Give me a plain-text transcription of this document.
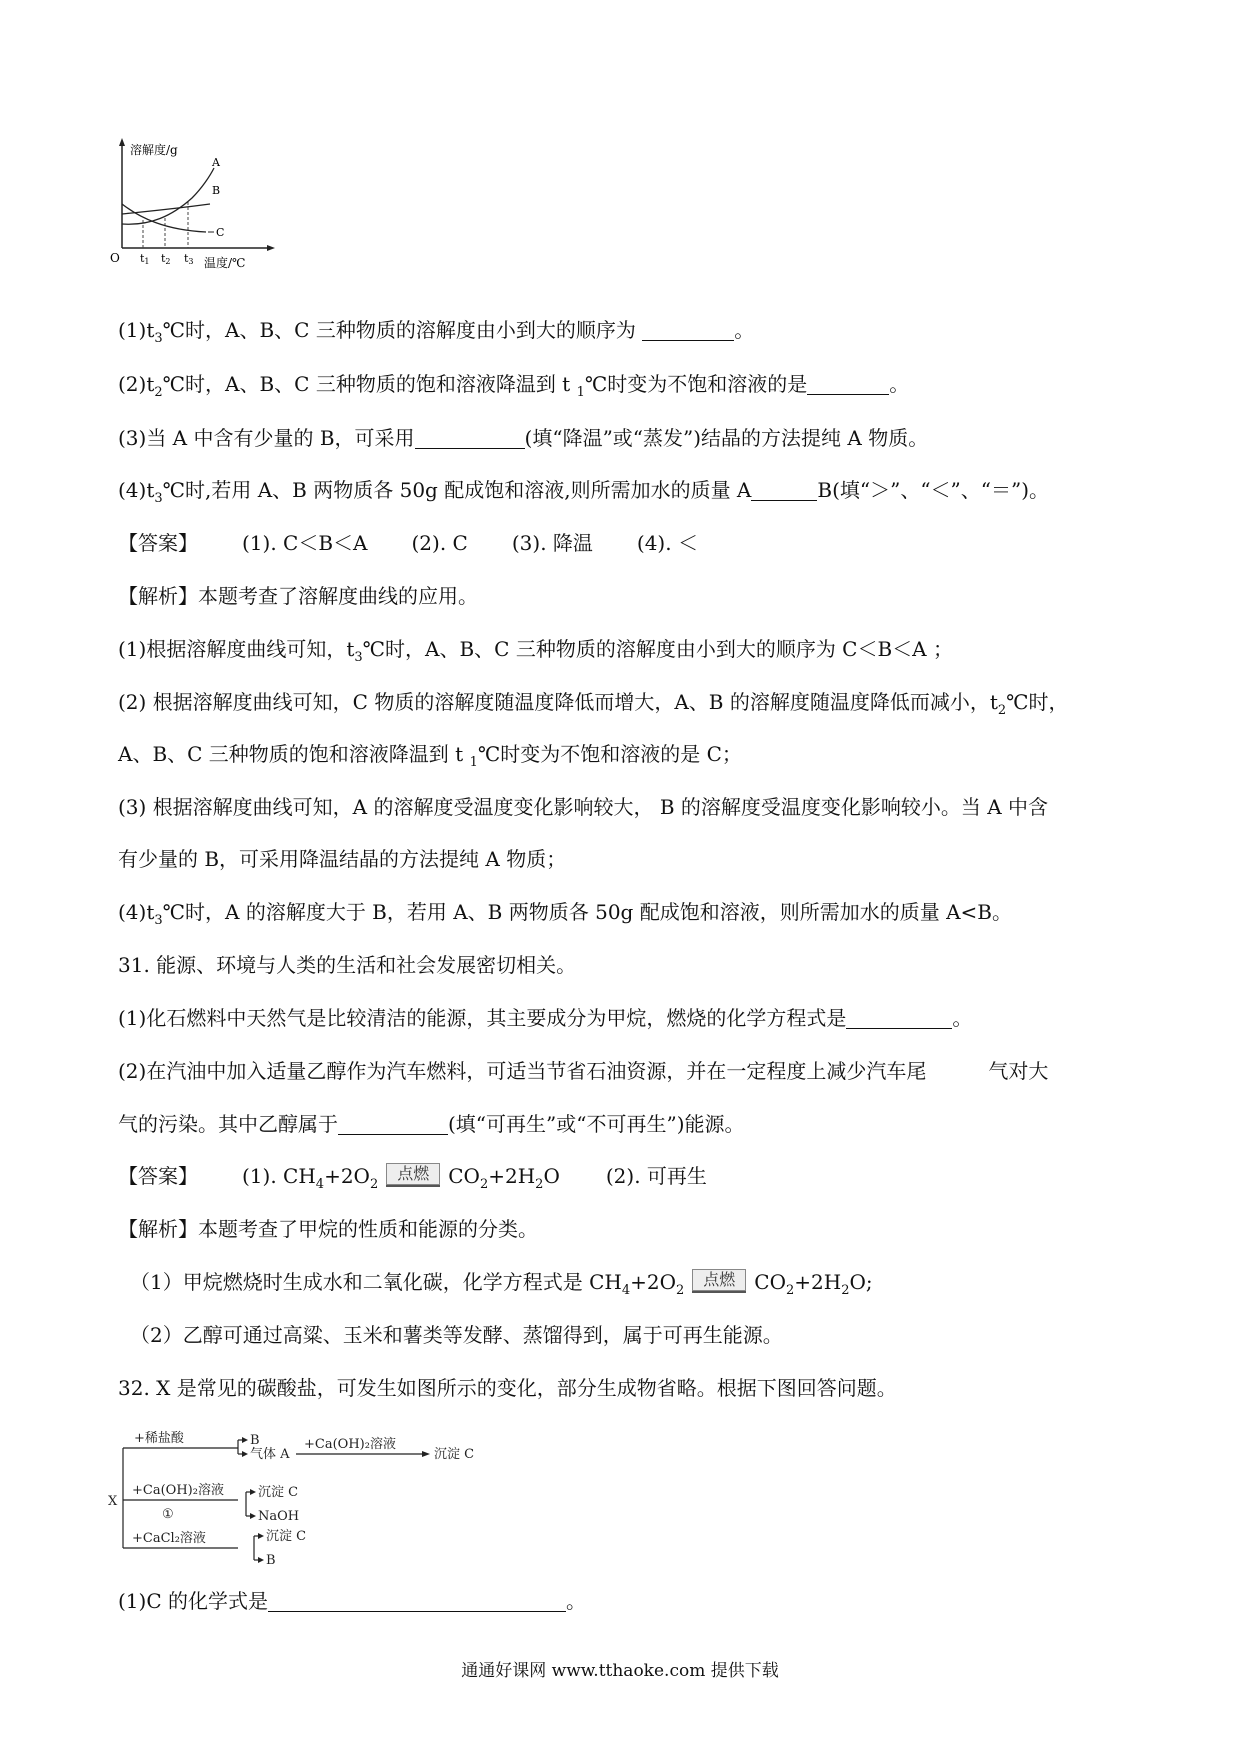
溶解度/g
O	温度/℃
A
B
C
t1 t2 t3
$(1)t_3℃$时，A、B、C 三种物质的溶解度由小到大的顺序为	。
$(2)t_2℃$时，A、B、C 三种物质的饱和溶液降温到 t $_1$℃时变为不饱和溶液的是	。
(3)当 A 中含有少量的 B，可采用	(填“降温”或“蒸发”)结晶的方法提纯 A 物质。
$(4)t_3℃$时,若用 A、B 两物质各 50g 配成饱和溶液,则所需加水的质量 A	B(填“＞”、“＜”、“＝”)。
【答案】 (1). C＜B＜A (2). C (3). 降温 (4). ＜
【解析】本题考查了溶解度曲线的应用。
(1)根据溶解度曲线可知，$t_3℃$时，A、B、C 三种物质的溶解度由小到大的顺序为 C＜B＜A ；
(2) 根据溶解度曲线可知，C 物质的溶解度随温度降低而增大，A、B 的溶解度随温度降低而减小，$t_2℃$时，
A、B、C 三种物质的饱和溶液降温到 t $_1$℃时变为不饱和溶液的是 C；
(3) 根据溶解度曲线可知，A 的溶解度受温度变化影响较大， B 的溶解度受温度变化影响较小。当 A 中含
有少量的 B，可采用降温结晶的方法提纯 A 物质；
$(4)t_3℃$时，A 的溶解度大于 B，若用 A、B 两物质各 50g 配成饱和溶液，则所需加水的质量 A<B。
31. 能源、环境与人类的生活和社会发展密切相关。
(1)化石燃料中天然气是比较清洁的能源，其主要成分为甲烷，燃烧的化学方程式是	。
(2)在汽油中加入适量乙醇作为汽车燃料，可适当节省石油资源，并在一定程度上减少汽车尾	气对大
气的污染。其中乙醇属于	(填“可再生”或“不可再生”)能源。
【答案】 (1). $CH_4+2O_2$
点燃 $CO_2+2H_2O$ (2). 可再生
【解析】本题考查了甲烷的性质和能源的分类。
（1）甲烷燃烧时生成水和二氧化碳，化学方程式是 $CH_4+2O_2$
点燃 $CO_2+2H_2O$;
（2）乙醇可通过高粱、玉米和薯类等发酵、蒸馏得到，属于可再生能源。
32. X 是常见的碳酸盐，可发生如图所示的变化，部分生成物省略。根据下图回答问题。
X
+稀盐酸	B
气体 A
+Ca(OH)₂溶液
沉淀 C
+Ca(OH)₂溶液
①
沉淀 C
NaOH
+CaCl₂溶液	沉淀 C
B
(1)C 的化学式是	。
通通好课网 www.tthaoke.com 提供下载
